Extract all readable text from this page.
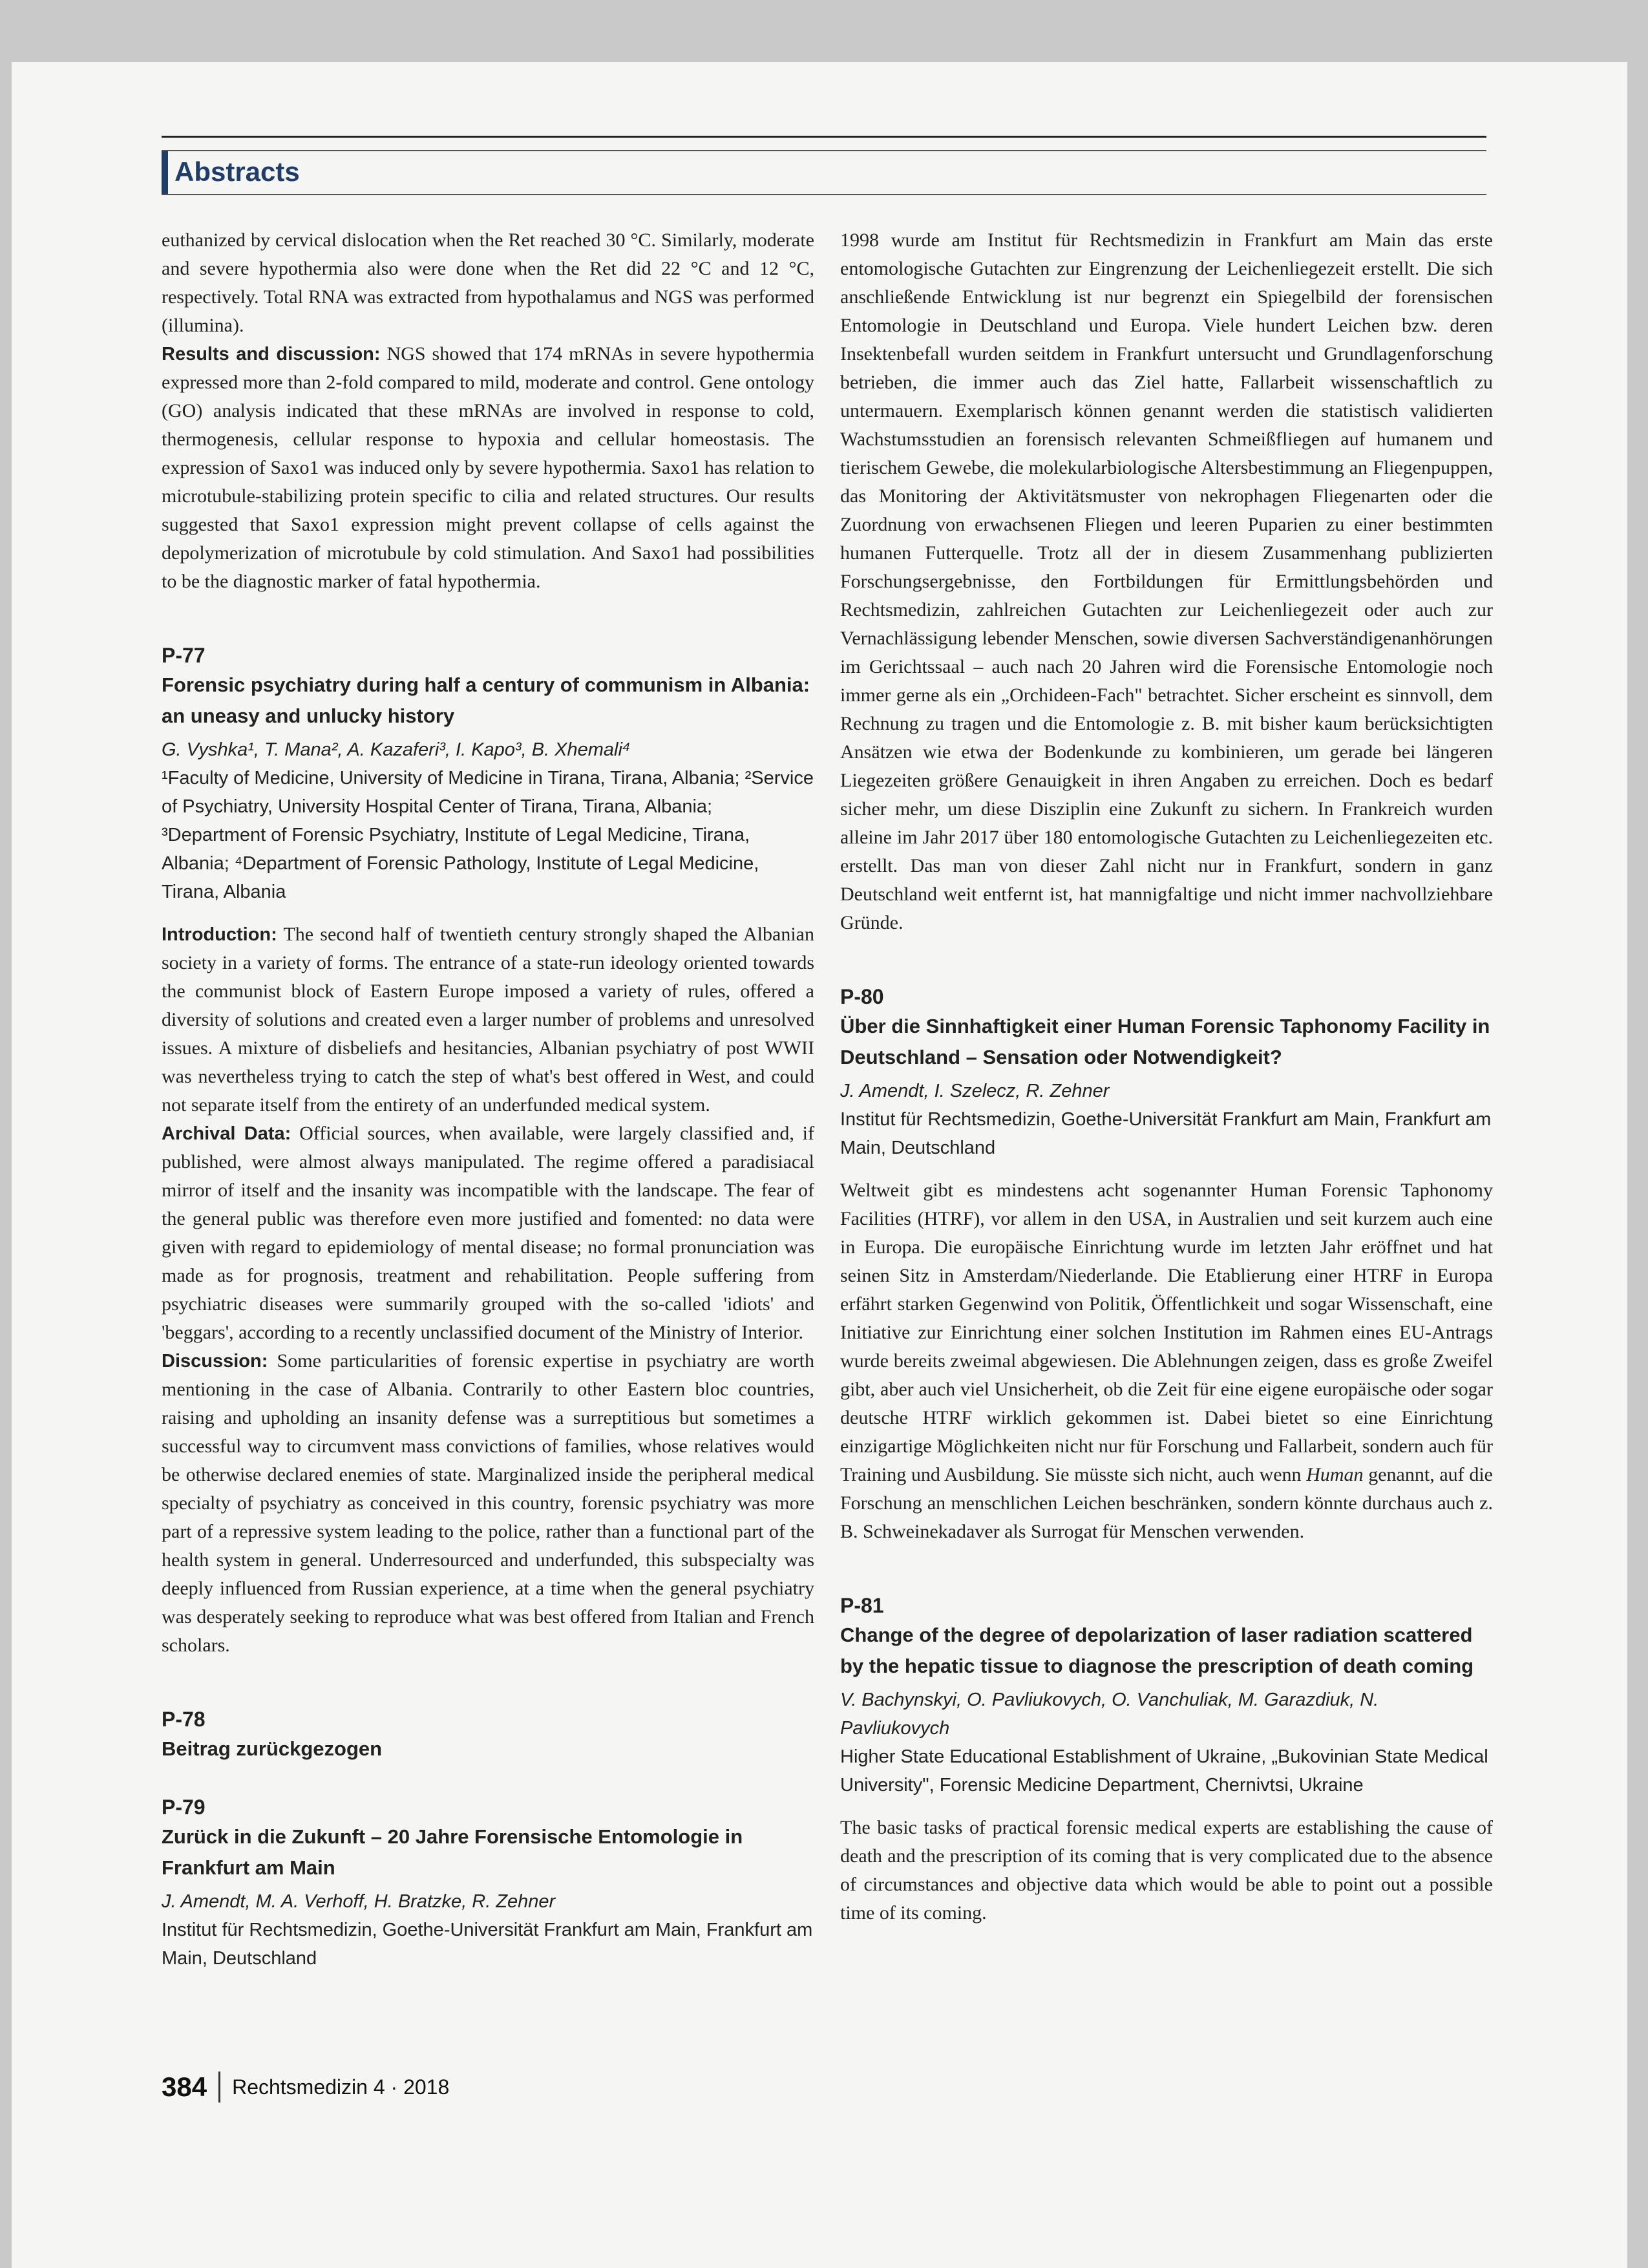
Abstracts

euthanized by cervical dislocation when the Ret reached 30 °C. Similarly, moderate and severe hypothermia also were done when the Ret did 22 °C and 12 °C, respectively. Total RNA was extracted from hypothalamus and NGS was performed (illumina).
Results and discussion: NGS showed that 174 mRNAs in severe hypothermia expressed more than 2-fold compared to mild, moderate and control. Gene ontology (GO) analysis indicated that these mRNAs are involved in response to cold, thermogenesis, cellular response to hypoxia and cellular homeostasis. The expression of Saxo1 was induced only by severe hypothermia. Saxo1 has relation to microtubule-stabilizing protein specific to cilia and related structures. Our results suggested that Saxo1 expression might prevent collapse of cells against the depolymerization of microtubule by cold stimulation. And Saxo1 had possibilities to be the diagnostic marker of fatal hypothermia.

P-77
Forensic psychiatry during half a century of communism in Albania: an uneasy and unlucky history
G. Vyshka¹, T. Mana², A. Kazaferi³, I. Kapo³, B. Xhemali⁴
¹Faculty of Medicine, University of Medicine in Tirana, Tirana, Albania; ²Service of Psychiatry, University Hospital Center of Tirana, Tirana, Albania; ³Department of Forensic Psychiatry, Institute of Legal Medicine, Tirana, Albania; ⁴Department of Forensic Pathology, Institute of Legal Medicine, Tirana, Albania

Introduction: The second half of twentieth century strongly shaped the Albanian society in a variety of forms. The entrance of a state-run ideology oriented towards the communist block of Eastern Europe imposed a variety of rules, offered a diversity of solutions and created even a larger number of problems and unresolved issues. A mixture of disbeliefs and hesitancies, Albanian psychiatry of post WWII was nevertheless trying to catch the step of what's best offered in West, and could not separate itself from the entirety of an underfunded medical system.

Archival Data: Official sources, when available, were largely classified and, if published, were almost always manipulated. The regime offered a paradisiacal mirror of itself and the insanity was incompatible with the landscape. The fear of the general public was therefore even more justified and fomented: no data were given with regard to epidemiology of mental disease; no formal pronunciation was made as for prognosis, treatment and rehabilitation. People suffering from psychiatric diseases were summarily grouped with the so-called 'idiots' and 'beggars', according to a recently unclassified document of the Ministry of Interior.

Discussion: Some particularities of forensic expertise in psychiatry are worth mentioning in the case of Albania. Contrarily to other Eastern bloc countries, raising and upholding an insanity defense was a surreptitious but sometimes a successful way to circumvent mass convictions of families, whose relatives would be otherwise declared enemies of state. Marginalized inside the peripheral medical specialty of psychiatry as conceived in this country, forensic psychiatry was more part of a repressive system leading to the police, rather than a functional part of the health system in general. Underresourced and underfunded, this subspecialty was deeply influenced from Russian experience, at a time when the general psychiatry was desperately seeking to reproduce what was best offered from Italian and French scholars.

P-78
Beitrag zurückgezogen
P-79
Zurück in die Zukunft – 20 Jahre Forensische Entomologie in Frankfurt am Main
J. Amendt, M. A. Verhoff, H. Bratzke, R. Zehner
Institut für Rechtsmedizin, Goethe-Universität Frankfurt am Main, Frankfurt am Main, Deutschland

1998 wurde am Institut für Rechtsmedizin in Frankfurt am Main das erste entomologische Gutachten zur Eingrenzung der Leichenliegezeit erstellt. Die sich anschließende Entwicklung ist nur begrenzt ein Spiegelbild der forensischen Entomologie in Deutschland und Europa. Viele hundert Leichen bzw. deren Insektenbefall wurden seitdem in Frankfurt untersucht und Grundlagenforschung betrieben, die immer auch das Ziel hatte, Fallarbeit wissenschaftlich zu untermauern. Exemplarisch können genannt werden die statistisch validierten Wachstumsstudien an forensisch relevanten Schmeißfliegen auf humanem und tierischem Gewebe, die molekularbiologische Altersbestimmung an Fliegenpuppen, das Monitoring der Aktivitätsmuster von nekrophagen Fliegenarten oder die Zuordnung von erwachsenen Fliegen und leeren Puparien zu einer bestimmten humanen Futterquelle. Trotz all der in diesem Zusammenhang publizierten Forschungsergebnisse, den Fortbildungen für Ermittlungsbehörden und Rechtsmedizin, zahlreichen Gutachten zur Leichenliegezeit oder auch zur Vernachlässigung lebender Menschen, sowie diversen Sachverständigenanhörungen im Gerichtssaal – auch nach 20 Jahren wird die Forensische Entomologie noch immer gerne als ein „Orchideen-Fach" betrachtet. Sicher erscheint es sinnvoll, dem Rechnung zu tragen und die Entomologie z. B. mit bisher kaum berücksichtigten Ansätzen wie etwa der Bodenkunde zu kombinieren, um gerade bei längeren Liegezeiten größere Genauigkeit in ihren Angaben zu erreichen. Doch es bedarf sicher mehr, um diese Disziplin eine Zukunft zu sichern. In Frankreich wurden alleine im Jahr 2017 über 180 entomologische Gutachten zu Leichenliegezeiten etc. erstellt. Das man von dieser Zahl nicht nur in Frankfurt, sondern in ganz Deutschland weit entfernt ist, hat mannigfaltige und nicht immer nachvollziehbare Gründe.

P-80
Über die Sinnhaftigkeit einer Human Forensic Taphonomy Facility in Deutschland – Sensation oder Notwendigkeit?
J. Amendt, I. Szelecz, R. Zehner
Institut für Rechtsmedizin, Goethe-Universität Frankfurt am Main, Frankfurt am Main, Deutschland

Weltweit gibt es mindestens acht sogenannter Human Forensic Taphonomy Facilities (HTRF), vor allem in den USA, in Australien und seit kurzem auch eine in Europa. Die europäische Einrichtung wurde im letzten Jahr eröffnet und hat seinen Sitz in Amsterdam/Niederlande. Die Etablierung einer HTRF in Europa erfährt starken Gegenwind von Politik, Öffentlichkeit und sogar Wissenschaft, eine Initiative zur Einrichtung einer solchen Institution im Rahmen eines EU-Antrags wurde bereits zweimal abgewiesen. Die Ablehnungen zeigen, dass es große Zweifel gibt, aber auch viel Unsicherheit, ob die Zeit für eine eigene europäische oder sogar deutsche HTRF wirklich gekommen ist. Dabei bietet so eine Einrichtung einzigartige Möglichkeiten nicht nur für Forschung und Fallarbeit, sondern auch für Training und Ausbildung. Sie müsste sich nicht, auch wenn Human genannt, auf die Forschung an menschlichen Leichen beschränken, sondern könnte durchaus auch z. B. Schweinekadaver als Surrogat für Menschen verwenden.

P-81
Change of the degree of depolarization of laser radiation scattered by the hepatic tissue to diagnose the prescription of death coming
V. Bachynskyi, O. Pavliukovych, O. Vanchuliak, M. Garazdiuk, N. Pavliukovych
Higher State Educational Establishment of Ukraine, „Bukovinian State Medical University", Forensic Medicine Department, Chernivtsi, Ukraine

The basic tasks of practical forensic medical experts are establishing the cause of death and the prescription of its coming that is very complicated due to the absence of circumstances and objective data which would be able to point out a possible time of its coming.

384 Rechtsmedizin 4 · 2018
